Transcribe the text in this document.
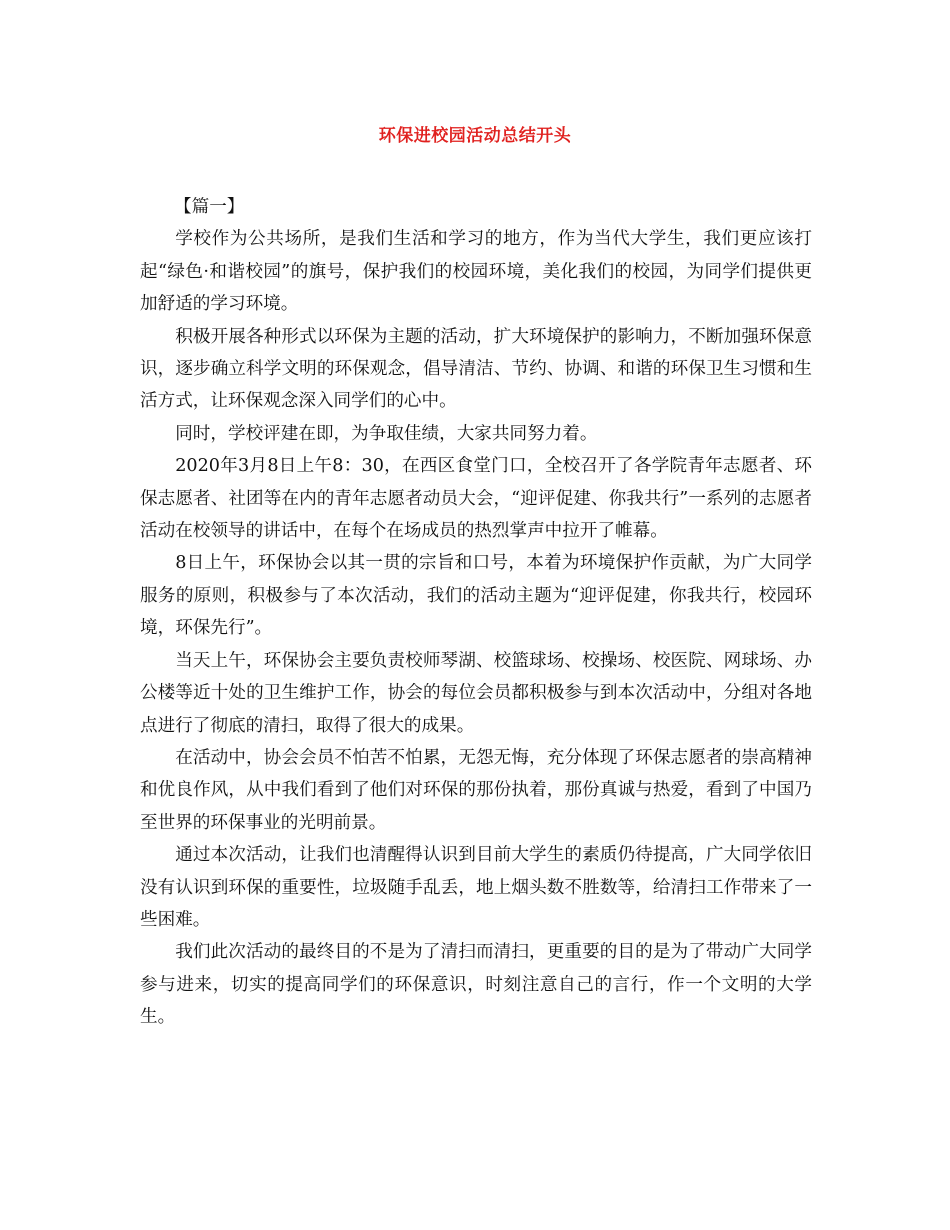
环保进校园活动总结开头
【篇一】

学校作为公共场所，是我们生活和学习的地方，作为当代大学生，我们更应该打起“绿色·和谐校园”的旗号，保护我们的校园环境，美化我们的校园，为同学们提供更加舒适的学习环境。

积极开展各种形式以环保为主题的活动，扩大环境保护的影响力，不断加强环保意识，逐步确立科学文明的环保观念，倡导清洁、节约、协调、和谐的环保卫生习惯和生活方式，让环保观念深入同学们的心中。

同时，学校评建在即，为争取佳绩，大家共同努力着。

2020年3月8日上午8：30，在西区食堂门口，全校召开了各学院青年志愿者、环保志愿者、社团等在内的青年志愿者动员大会，“迎评促建、你我共行”一系列的志愿者活动在校领导的讲话中，在每个在场成员的热烈掌声中拉开了帷幕。

8日上午，环保协会以其一贯的宗旨和口号，本着为环境保护作贡献，为广大同学服务的原则，积极参与了本次活动，我们的活动主题为“迎评促建，你我共行，校园环境，环保先行”。

当天上午，环保协会主要负责校师琴湖、校篮球场、校操场、校医院、网球场、办公楼等近十处的卫生维护工作，协会的每位会员都积极参与到本次活动中，分组对各地点进行了彻底的清扫，取得了很大的成果。

在活动中，协会会员不怕苦不怕累，无怨无悔，充分体现了环保志愿者的崇高精神和优良作风，从中我们看到了他们对环保的那份执着，那份真诚与热爱，看到了中国乃至世界的环保事业的光明前景。

通过本次活动，让我们也清醒得认识到目前大学生的素质仍待提高，广大同学依旧没有认识到环保的重要性，垃圾随手乱丢，地上烟头数不胜数等，给清扫工作带来了一些困难。

我们此次活动的最终目的不是为了清扫而清扫，更重要的目的是为了带动广大同学参与进来，切实的提高同学们的环保意识，时刻注意自己的言行，作一个文明的大学生。
